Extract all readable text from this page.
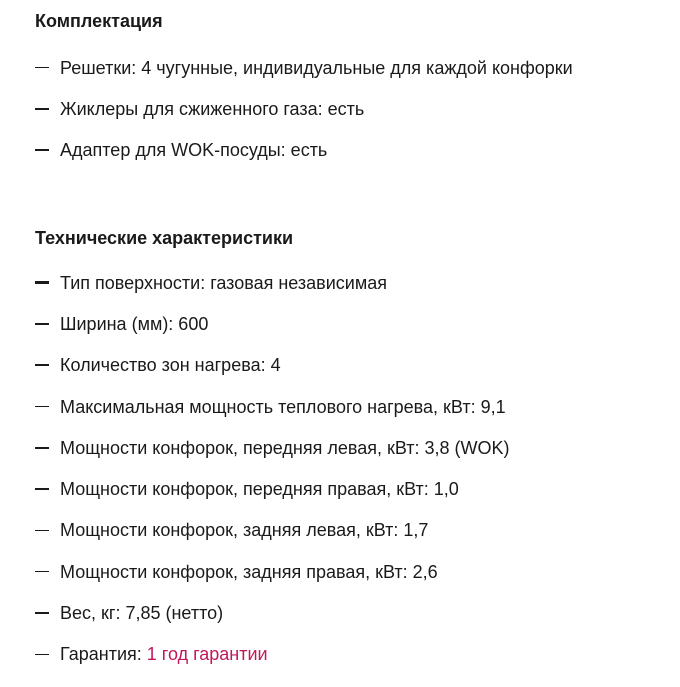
Комплектация
Решетки: 4 чугунные, индивидуальные для каждой конфорки
Жиклеры для сжиженного газа: есть
Адаптер для WOK-посуды: есть
Технические характеристики
Тип поверхности: газовая независимая
Ширина (мм): 600
Количество зон нагрева: 4
Максимальная мощность теплового нагрева, кВт: 9,1
Мощности конфорок, передняя левая, кВт: 3,8 (WOK)
Мощности конфорок, передняя правая, кВт: 1,0
Мощности конфорок, задняя левая, кВт: 1,7
Мощности конфорок, задняя правая, кВт: 2,6
Вес, кг: 7,85 (нетто)
Гарантия: 1 год гарантии
